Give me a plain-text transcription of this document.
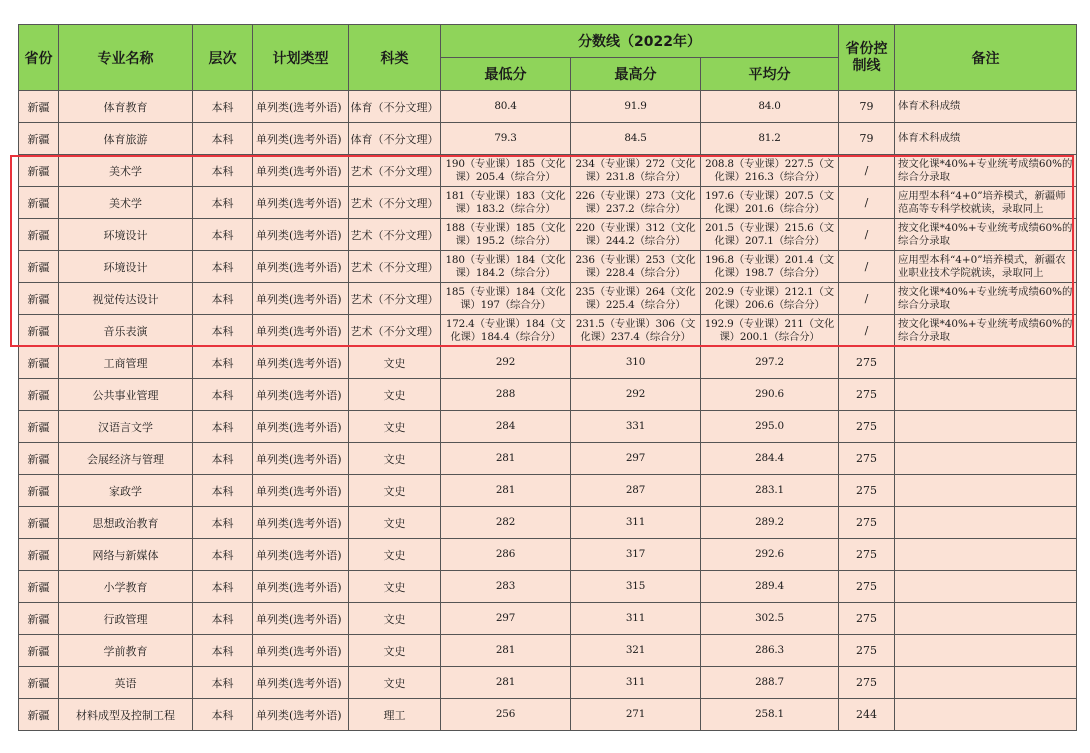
省份	专业名称	层次	计划类型	科类	分数线（2022年）			省份控制线	备注
					最低分	最高分	平均分		
新疆	体育教育	本科	单列类(选考外语)	体育（不分文理）	80.4	91.9	84.0	79	体育术科成绩
新疆	体育旅游	本科	单列类(选考外语)	体育（不分文理）	79.3	84.5	81.2	79	体育术科成绩
新疆	美术学	本科	单列类(选考外语)	艺术（不分文理）	190（专业课）185（文化课）205.4（综合分）	234（专业课）272（文化课）231.8（综合分）	208.8（专业课）227.5（文化课）216.3（综合分）	/	按文化课*40%+专业统考成绩60%的综合分录取
新疆	美术学	本科	单列类(选考外语)	艺术（不分文理）	181（专业课）183（文化课）183.2（综合分）	226（专业课）273（文化课）237.2（综合分）	197.6（专业课）207.5（文化课）201.6（综合分）	/	应用型本科“4+0”培养模式，新疆师范高等专科学校就读，录取同上
新疆	环境设计	本科	单列类(选考外语)	艺术（不分文理）	188（专业课）185（文化课）195.2（综合分）	220（专业课）312（文化课）244.2（综合分）	201.5（专业课）215.6（文化课）207.1（综合分）	/	按文化课*40%+专业统考成绩60%的综合分录取
新疆	环境设计	本科	单列类(选考外语)	艺术（不分文理）	180（专业课）184（文化课）184.2（综合分）	236（专业课）253（文化课）228.4（综合分）	196.8（专业课）201.4（文化课）198.7（综合分）	/	应用型本科“4+0”培养模式，新疆农业职业技术学院就读，录取同上
新疆	视觉传达设计	本科	单列类(选考外语)	艺术（不分文理）	185（专业课）184（文化课）197（综合分）	235（专业课）264（文化课）225.4（综合分）	202.9（专业课）212.1（文化课）206.6（综合分）	/	按文化课*40%+专业统考成绩60%的综合分录取
新疆	音乐表演	本科	单列类(选考外语)	艺术（不分文理）	172.4（专业课）184（文化课）184.4（综合分）	231.5（专业课）306（文化课）237.4（综合分）	192.9（专业课）211（文化课）200.1（综合分）	/	按文化课*40%+专业统考成绩60%的综合分录取
新疆	工商管理	本科	单列类(选考外语)	文史	292	310	297.2	275	
新疆	公共事业管理	本科	单列类(选考外语)	文史	288	292	290.6	275	
新疆	汉语言文学	本科	单列类(选考外语)	文史	284	331	295.0	275	
新疆	会展经济与管理	本科	单列类(选考外语)	文史	281	297	284.4	275	
新疆	家政学	本科	单列类(选考外语)	文史	281	287	283.1	275	
新疆	思想政治教育	本科	单列类(选考外语)	文史	282	311	289.2	275	
新疆	网络与新媒体	本科	单列类(选考外语)	文史	286	317	292.6	275	
新疆	小学教育	本科	单列类(选考外语)	文史	283	315	289.4	275	
新疆	行政管理	本科	单列类(选考外语)	文史	297	311	302.5	275	
新疆	学前教育	本科	单列类(选考外语)	文史	281	321	286.3	275	
新疆	英语	本科	单列类(选考外语)	文史	281	311	288.7	275	
新疆	材料成型及控制工程	本科	单列类(选考外语)	理工	256	271	258.1	244	
